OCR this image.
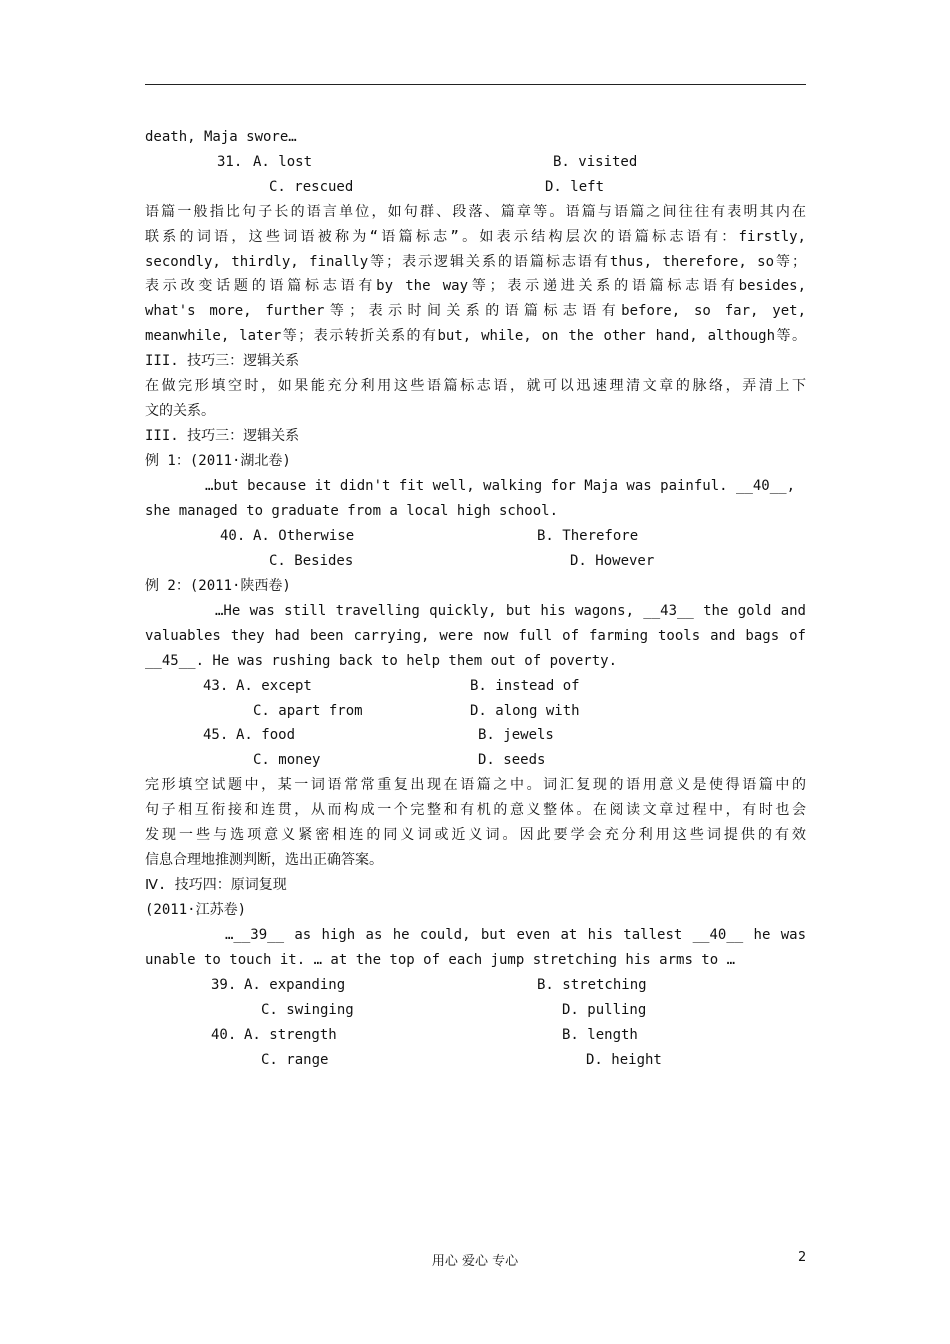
death, Maja swore…
31. A. lost	B. visited
C. rescued	D. left
语篇一般指比句子长的语言单位，如句群、段落、篇章等。语篇与语篇之间往往有表明其内在
联系的词语，这些词语被称为“语篇标志”。如表示结构层次的语篇标志语有：firstly,
secondly, thirdly, finally等；表示逻辑关系的语篇标志语有thus, therefore, so等；
表示改变话题的语篇标志语有by the way等；表示递进关系的语篇标志语有besides,
what's more, further等；表示时间关系的语篇标志语有before, so far, yet,
meanwhile, later等；表示转折关系的有but, while, on the other hand, although等。
III. 技巧三：逻辑关系
在做完形填空时，如果能充分利用这些语篇标志语，就可以迅速理清文章的脉络，弄清上下
文的关系。
III. 技巧三：逻辑关系
例 1：(2011·湖北卷)
…but because it didn't fit well, walking for Maja was painful. __40__,
she managed to graduate from a local high school.
40. A. Otherwise	B. Therefore
C. Besides	D. However
例 2：(2011·陕西卷)
…He was still travelling quickly, but his wagons, __43__ the gold and
valuables they had been carrying, were now full of farming tools and bags of
__45__. He was rushing back to help them out of poverty.
43. A. except	B. instead of
C. apart from	D. along with
45. A. food	B. jewels
C. money	D. seeds
完形填空试题中，某一词语常常重复出现在语篇之中。词汇复现的语用意义是使得语篇中的
句子相互衔接和连贯，从而构成一个完整和有机的意义整体。在阅读文章过程中，有时也会
发现一些与选项意义紧密相连的同义词或近义词。因此要学会充分利用这些词提供的有效
信息合理地推测判断，选出正确答案。
Ⅳ. 技巧四：原词复现
(2011·江苏卷)
…__39__ as high as he could, but even at his tallest __40__ he was
unable to touch it. … at the top of each jump stretching his arms to …
39. A. expanding	B. stretching
C. swinging	D. pulling
40. A. strength	B. length
C. range	D. height
用心 爱心 专心	2
